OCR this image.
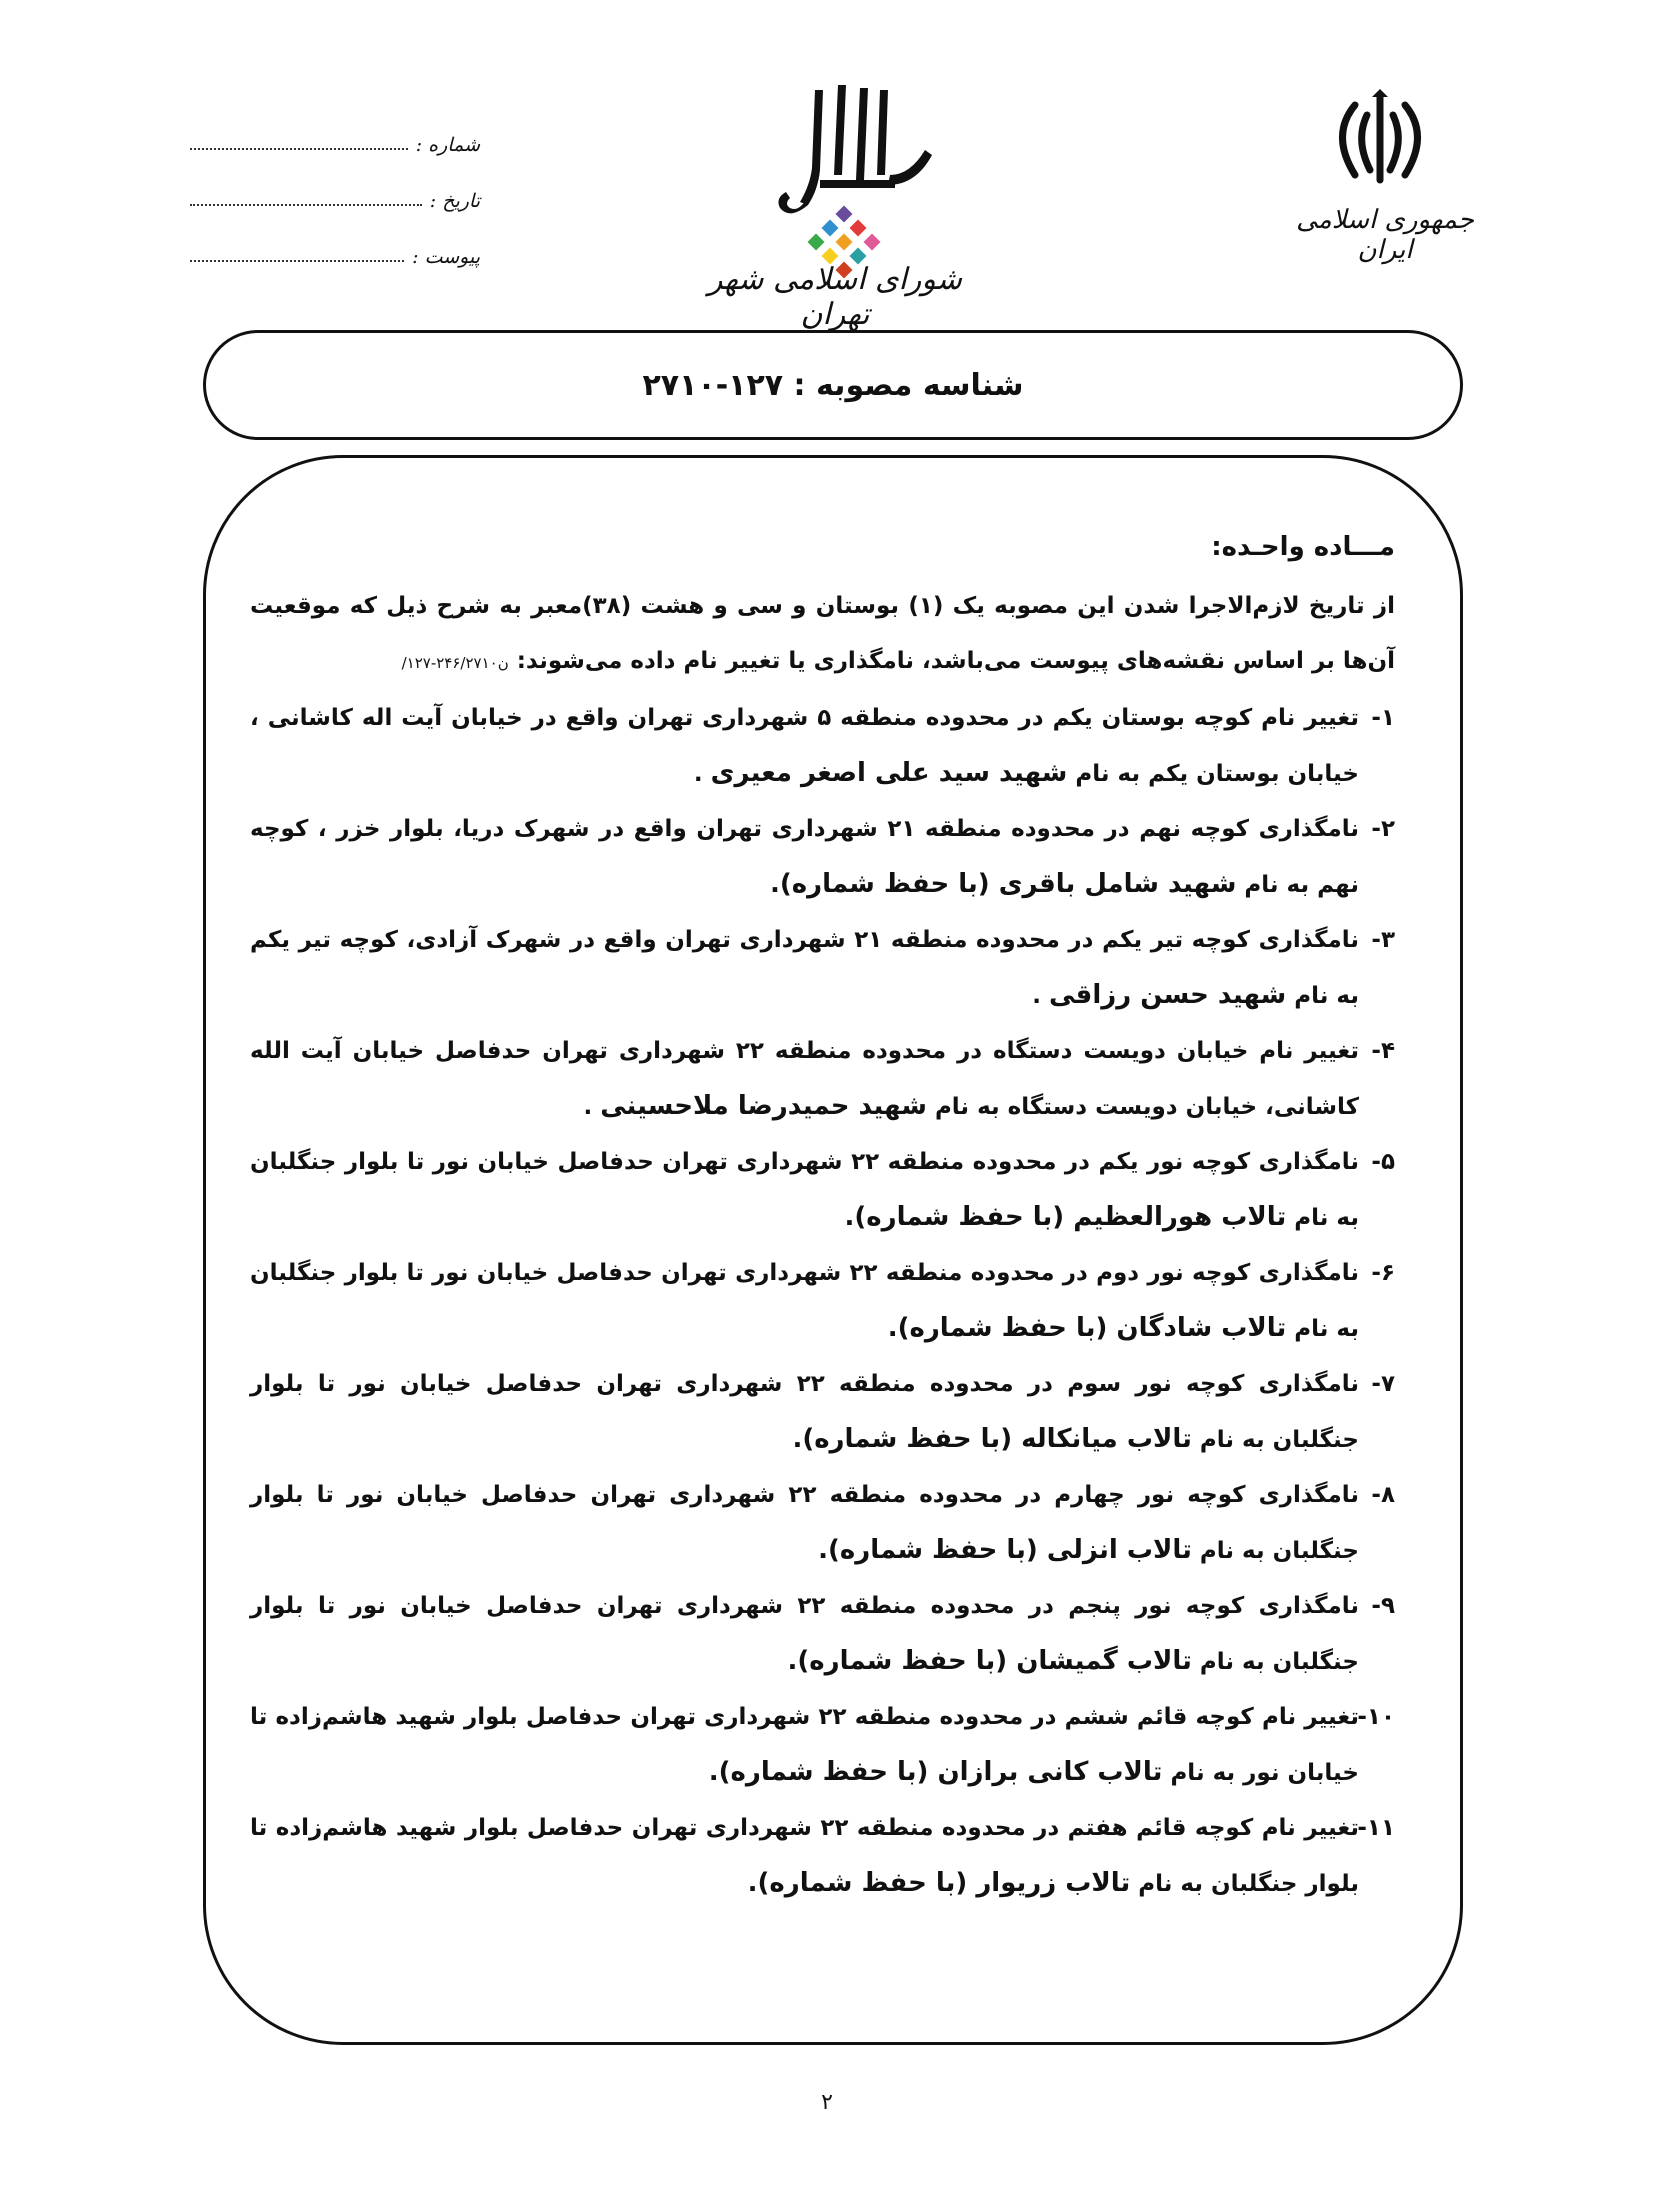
شماره :
تاریخ :
پیوست :
شورای اسلامی شهر تهران
جمهوری اسلامی ایران
شناسه مصوبه : ۱۲۷-۲۷۱۰
مـــاده واحـده:
از تاریخ لازم‌الاجرا شدن این مصوبه یک (۱) بوستان و سی و هشت (۳۸)معبر به شرح ذیل که موقعیت آن‌ها بر اساس نقشه‌های پیوست می‌باشد، نامگذاری یا تغییر نام داده می‌شوند: ن۲۴۶/۲۷۱۰-۱۲۷/
۱-
تغییر نام کوچه بوستان یکم در محدوده منطقه ۵ شهرداری تهران واقع در خیابان آیت اله کاشانی ، خیابان بوستان یکم به نام شهید سید علی اصغر معیری .
۲-
نامگذاری کوچه نهم در محدوده منطقه ۲۱ شهرداری تهران واقع در شهرک دریا، بلوار خزر ، کوچه نهم به نام شهید شامل باقری (با حفظ شماره).
۳-
نامگذاری کوچه تیر یکم در محدوده منطقه ۲۱ شهرداری تهران واقع در شهرک آزادی، کوچه تیر یکم به نام شهید حسن رزاقی .
۴-
تغییر نام خیابان دویست دستگاه در محدوده منطقه ۲۲ شهرداری تهران حدفاصل خیابان آیت الله کاشانی، خیابان دویست دستگاه به نام شهید حمیدرضا ملاحسینی .
۵-
نامگذاری کوچه نور یکم در محدوده منطقه ۲۲ شهرداری تهران حدفاصل خیابان نور تا بلوار جنگلبان به نام تالاب هورالعظیم (با حفظ شماره).
۶-
نامگذاری کوچه نور دوم در محدوده منطقه ۲۲ شهرداری تهران حدفاصل خیابان نور تا بلوار جنگلبان به نام تالاب شادگان (با حفظ شماره).
۷-
نامگذاری کوچه نور سوم در محدوده منطقه ۲۲ شهرداری تهران حدفاصل خیابان نور تا بلوار جنگلبان به نام تالاب میانکاله (با حفظ شماره).
۸-
نامگذاری کوچه نور چهارم در محدوده منطقه ۲۲ شهرداری تهران حدفاصل خیابان نور تا بلوار جنگلبان به نام تالاب انزلی (با حفظ شماره).
۹-
نامگذاری کوچه نور پنجم در محدوده منطقه ۲۲ شهرداری تهران حدفاصل خیابان نور تا بلوار جنگلبان به نام تالاب گمیشان (با حفظ شماره).
۱۰-
تغییر نام کوچه قائم ششم در محدوده منطقه ۲۲ شهرداری تهران حدفاصل بلوار شهید هاشم‌زاده تا خیابان نور به نام تالاب کانی برازان (با حفظ شماره).
۱۱-
تغییر نام کوچه قائم هفتم در محدوده منطقه ۲۲ شهرداری تهران حدفاصل بلوار شهید هاشم‌زاده تا بلوار جنگلبان به نام تالاب زریوار (با حفظ شماره).
۲
